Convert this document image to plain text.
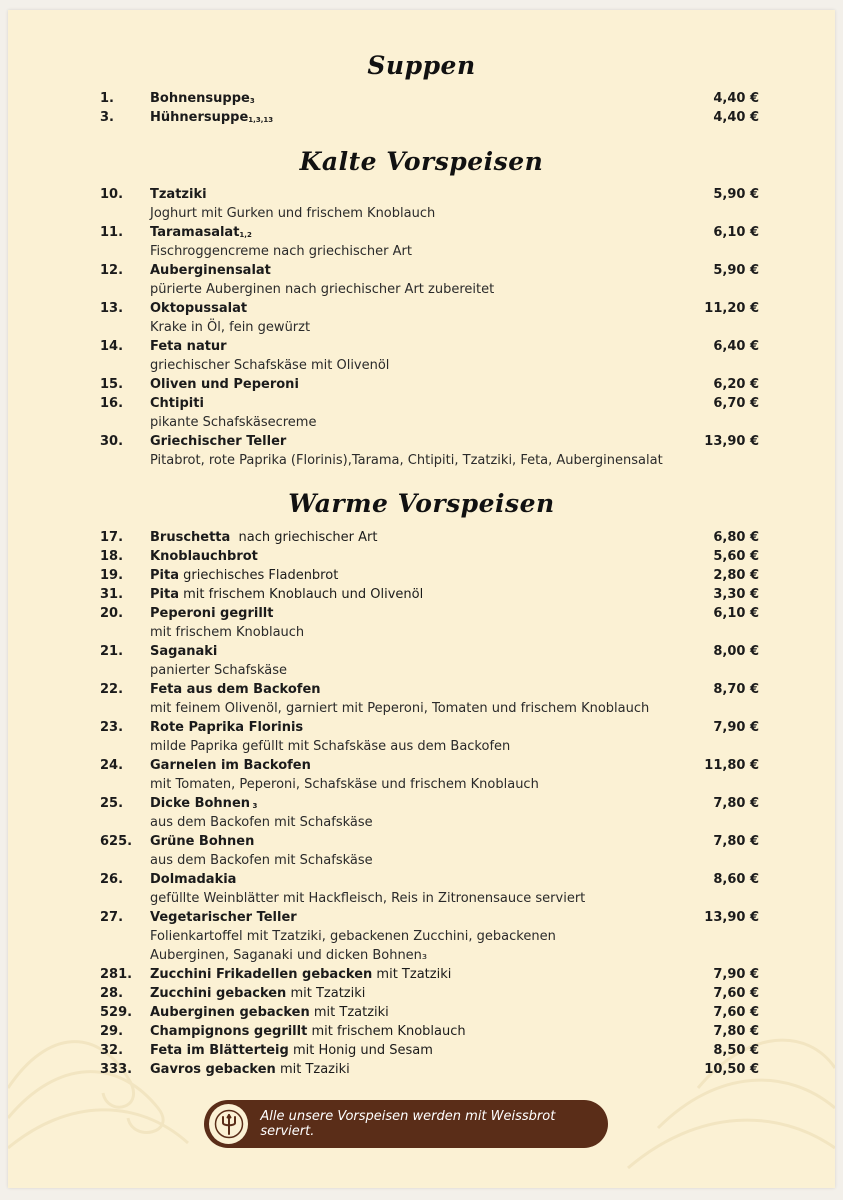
Suppen
1.	Bohnensuppe$_3$	4,40 €
3.	Hühnersuppe$_{1,3,13}$	4,40 €
Kalte Vorspeisen
10. Tzatziki	5,90 €
Joghurt mit Gurken und frischem Knoblauch
11. Taramasalat$_{1,2}$	6,10 €
Fischroggencreme nach griechischer Art
12. Auberginensalat	5,90 €
pürierte Auberginen nach griechischer Art zubereitet
13. Oktopussalat	11,20 €
Krake in Öl, fein gewürzt
14. Feta natur	6,40 €
griechischer Schafskäse mit Olivenöl
15. Oliven und Peperoni	6,20 €
16. Chtipiti	6,70 €
pikante Schafskäsecreme
30. Griechischer Teller	13,90 €
Pitabrot, rote Paprika (Florinis),Tarama, Chtipiti, Tzatziki, Feta, Auberginensalat
Warme Vorspeisen
17. Bruschetta  nach griechischer Art	6,80 €
18. Knoblauchbrot	5,60 €
19. Pita griechisches Fladenbrot	2,80 €
31. Pita mit frischem Knoblauch und Olivenöl	3,30 €
20. Peperoni gegrillt	6,10 €
mit frischem Knoblauch
21. Saganaki	8,00 €
panierter Schafskäse
22. Feta aus dem Backofen	8,70 €
mit feinem Olivenöl, garniert mit Peperoni, Tomaten und frischem Knoblauch
23. Rote Paprika Florinis	7,90 €
milde Paprika gefüllt mit Schafskäse aus dem Backofen
24. Garnelen im Backofen	11,80 €
mit Tomaten, Peperoni, Schafskäse und frischem Knoblauch
25. Dicke Bohnen $_3$	7,80 €
aus dem Backofen mit Schafskäse
625. Grüne Bohnen	7,80 €
aus dem Backofen mit Schafskäse
26. Dolmadakia	8,60 €
gefüllte Weinblätter mit Hackfleisch, Reis in Zitronensauce serviert
27. Vegetarischer Teller	13,90 €
Folienkartoffel mit Tzatziki, gebackenen Zucchini, gebackenen Auberginen, Saganaki und dicken Bohnen₃
281. Zucchini Frikadellen gebacken mit Tzatziki	7,90 €
28. Zucchini gebacken mit Tzatziki	7,60 €
529. Auberginen gebacken mit Tzatziki	7,60 €
29. Champignons gegrillt mit frischem Knoblauch	7,80 €
32. Feta im Blätterteig mit Honig und Sesam	8,50 €
333. Gavros gebacken mit Tzaziki	10,50 €
Alle unsere Vorspeisen werden mit Weissbrot serviert.
